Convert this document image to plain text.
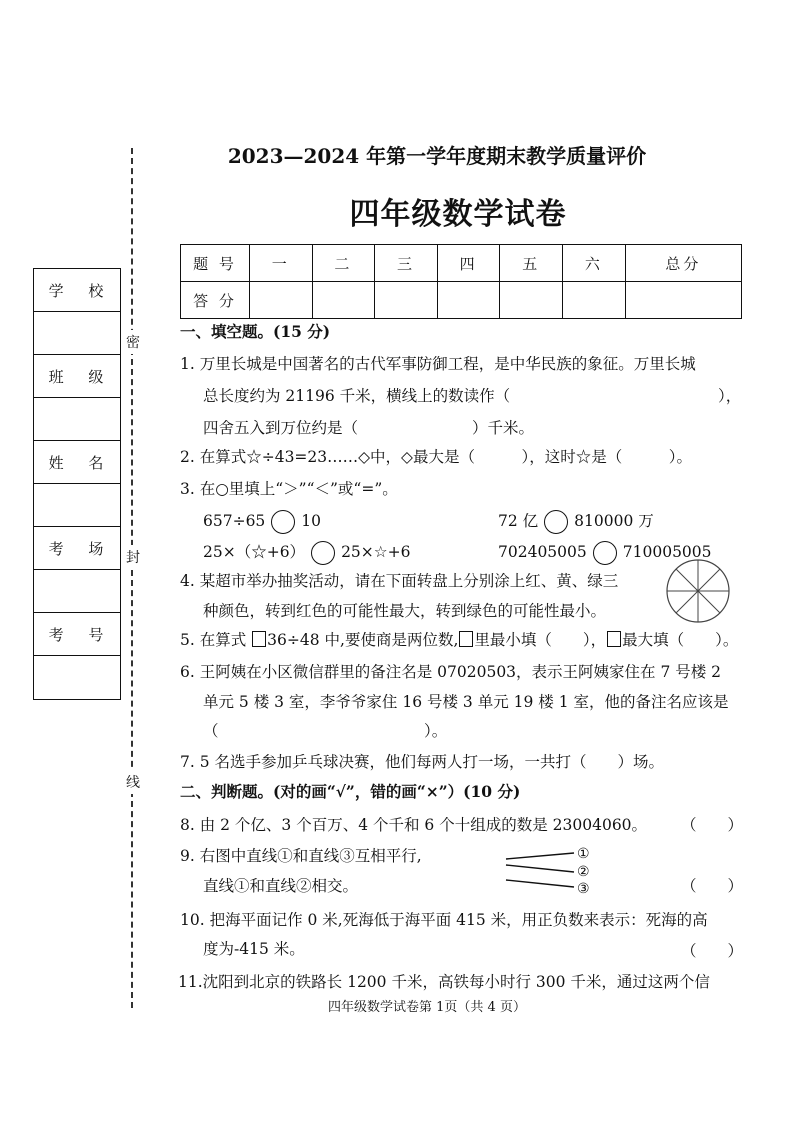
密
封
线
学 校
班 级
姓 名
考 场
考 号
2023—2024 年第一学年度期末教学质量评价
四年级数学试卷
题 号	一	二	三	四	五	六	总分
答 分							
一、填空题。(15 分)
1. 万里长城是中国著名的古代军事防御工程，是中华民族的象征。万里长城
总长度约为 21196 千米，横线上的数读作（	），
四舍五入到万位约是（	）千米。
2. 在算式☆÷43=23……◇中，◇最大是（　　　），这时☆是（　　　）。
3. 在○里填上“＞”“＜”或“=”。
657÷65 10	72 亿 810000 万
25×（☆+6） 25×☆+6	702405005 710005005
4. 某超市举办抽奖活动，请在下面转盘上分别涂上红、黄、绿三
种颜色，转到红色的可能性最大，转到绿色的可能性最小。
5. 在算式 36÷48 中,要使商是两位数, 里最小填（　　）， 最大填（　　）。
6. 王阿姨在小区微信群里的备注名是 07020503，表示王阿姨家住在 7 号楼 2
单元 5 楼 3 室，李爷爷家住 16 号楼 3 单元 19 楼 1 室，他的备注名应该是
（	）。
7. 5 名选手参加乒乓球决赛，他们每两人打一场，一共打（　　）场。
二、判断题。(对的画“√”，错的画“×”）(10 分)
8. 由 2 个亿、3 个百万、4 个千和 6 个十组成的数是 23004060。 （　　）
9. 右图中直线①和直线③互相平行,
直线①和直线②相交。	（　　）
①
②
③
10. 把海平面记作 0 米,死海低于海平面 415 米，用正负数来表示：死海的高
度为-415 米。	（　　）
11.沈阳到北京的铁路长 1200 千米，高铁每小时行 300 千米，通过这两个信
四年级数学试卷第 1页（共 4 页）
